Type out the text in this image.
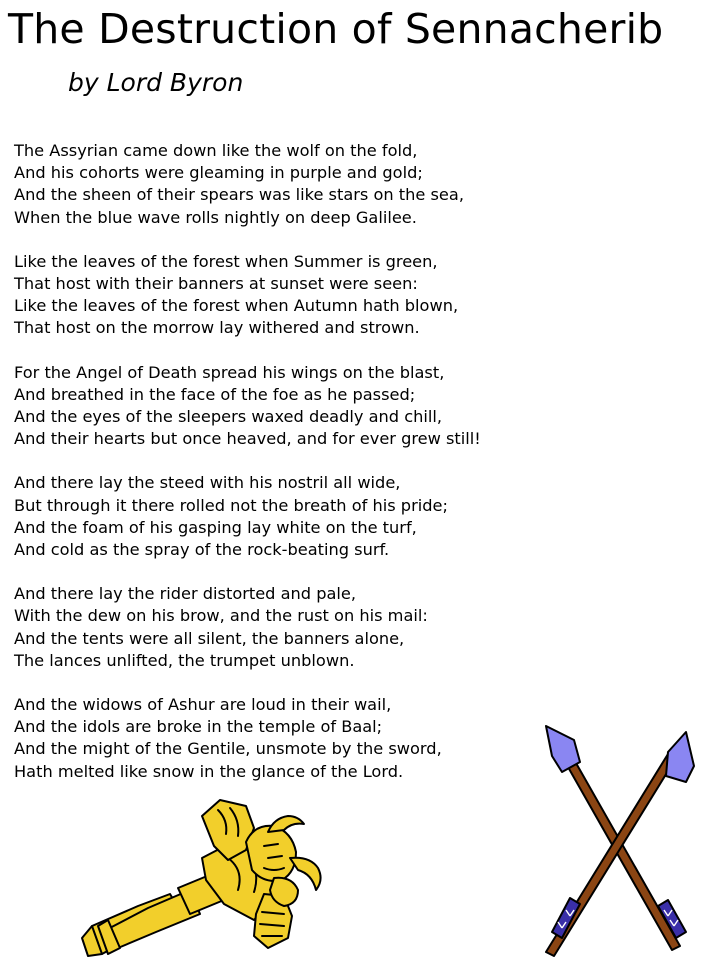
The Destruction of Sennacherib
by Lord Byron
The Assyrian came down like the wolf on the fold,
And his cohorts were gleaming in purple and gold;
And the sheen of their spears was like stars on the sea,
When the blue wave rolls nightly on deep Galilee.
Like the leaves of the forest when Summer is green,
That host with their banners at sunset were seen:
Like the leaves of the forest when Autumn hath blown,
That host on the morrow lay withered and strown.
For the Angel of Death spread his wings on the blast,
And breathed in the face of the foe as he passed;
And the eyes of the sleepers waxed deadly and chill,
And their hearts but once heaved, and for ever grew still!
And there lay the steed with his nostril all wide,
But through it there rolled not the breath of his pride;
And the foam of his gasping lay white on the turf,
And cold as the spray of the rock-beating surf.
And there lay the rider distorted and pale,
With the dew on his brow, and the rust on his mail:
And the tents were all silent, the banners alone,
The lances unlifted, the trumpet unblown.
And the widows of Ashur are loud in their wail,
And the idols are broke in the temple of Baal;
And the might of the Gentile, unsmote by the sword,
Hath melted like snow in the glance of the Lord.
